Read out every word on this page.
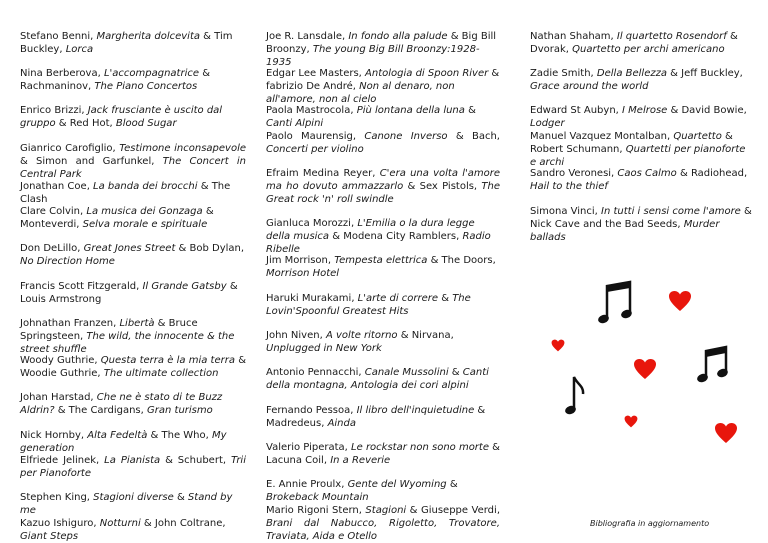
Stefano Benni, Margherita dolcevita & Tim Buckley, Lorca
Nina Berberova, L'accompagnatrice & Rachmaninov, The Piano Concertos
Enrico Brizzi, Jack frusciante è uscito dal gruppo & Red Hot, Blood Sugar
Gianrico Carofiglio, Testimone inconsapevole & Simon and Garfunkel, The Concert in Central Park
Jonathan Coe, La banda dei brocchi & The Clash
Clare Colvin, La musica dei Gonzaga & Monteverdi, Selva morale e spirituale
Don DeLillo, Great Jones Street & Bob Dylan, No Direction Home
Francis Scott Fitzgerald, Il Grande Gatsby & Louis Armstrong
Johnathan Franzen, Libertà & Bruce Springsteen, The wild, the innocente & the street shuffle
Woody Guthrie, Questa terra è la mia terra & Woodie Guthrie, The ultimate collection
Johan Harstad, Che ne è stato di te Buzz Aldrin? & The Cardigans, Gran turismo
Nick Hornby, Alta Fedeltà & The Who, My generation
Elfriede Jelinek, La Pianista & Schubert, Trii per Pianoforte
Stephen King, Stagioni diverse & Stand by me
Kazuo Ishiguro, Notturni & John Coltrane, Giant Steps
Joe R. Lansdale, In fondo alla palude & Big Bill Broonzy, The young Big Bill Broonzy:1928-1935
Edgar Lee Masters, Antologia di Spoon River & fabrizio De André, Non al denaro, non all'amore, non al cielo
Paola Mastrocola, Più lontana della luna & Canti Alpini
Paolo Maurensig, Canone Inverso & Bach, Concerti per violino
Efraim Medina Reyer, C'era una volta l'amore ma ho dovuto ammazzarlo & Sex Pistols, The Great rock 'n' roll swindle
Gianluca Morozzi, L'Emilia o la dura legge della musica & Modena City Ramblers, Radio Ribelle
Jim Morrison, Tempesta elettrica & The Doors, Morrison Hotel
Haruki Murakami, L'arte di correre & The Lovin'Spoonful Greatest Hits
John Niven, A volte ritorno & Nirvana, Unplugged in New York
Antonio Pennacchi, Canale Mussolini & Canti della montagna, Antologia dei cori alpini
Fernando Pessoa, Il libro dell'inquietudine & Madredeus, Ainda
Valerio Piperata, Le rockstar non sono morte & Lacuna Coil, In a Reverie
E. Annie Proulx, Gente del Wyoming & Brokeback Mountain
Mario Rigoni Stern, Stagioni & Giuseppe Verdi, Brani dal Nabucco, Rigoletto, Trovatore, Traviata, Aida e Otello
Nathan Shaham, Il quartetto Rosendorf & Dvorak, Quartetto per archi americano
Zadie Smith, Della Bellezza & Jeff Buckley, Grace around the world
Edward St Aubyn, I Melrose & David Bowie, Lodger
Manuel Vazquez Montalban, Quartetto & Robert Schumann, Quartetti per pianoforte e archi
Sandro Veronesi, Caos Calmo & Radiohead, Hail to the thief
Simona Vinci, In tutti i sensi come l'amore & Nick Cave and the Bad Seeds, Murder ballads
Bibliografia in aggiornamento
